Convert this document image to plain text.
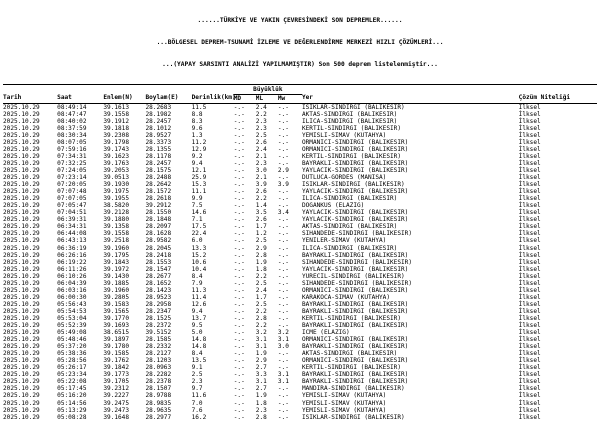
......TÜRKİYE VE YAKIN ÇEVRESİNDEKİ SON DEPREMLER......

...BÖLGESEL DEPREM-TSUNAMİ İZLEME VE DEĞERLENDİRME MERKEZİ HIZLI ÇÖZÜMLERİ...

...(YAPAY SARSINTI ANALİZİ YAPILMAMIŞTIR) Son 500 deprem listelenmiştir...

					Büyüklük				
Tarih	Saat	Enlem(N)	Boylam(E)	Derinlik(km)	MD	ML	Mw	Yer	Çözüm Niteliği

2025.10.29	08:49:14	39.1613	28.2683	11.5	-.-	2.4	-.-	ISIKLAR-SINDIRGI (BALIKESIR)	İlksel
2025.10.29	08:47:47	39.1558	28.1982	8.8	-.-	2.2	-.-	AKTAS-SINDIRGI (BALIKESIR)	İlksel
2025.10.29	08:40:02	39.1912	28.2457	8.3	-.-	2.3	-.-	ILICA-SINDIRGI (BALIKESIR)	İlksel
2025.10.29	08:37:59	39.1818	28.1012	9.6	-.-	2.3	-.-	KERTIL-SINDIRGI (BALIKESIR)	İlksel
2025.10.29	08:30:34	39.2308	28.9527	1.3	-.-	2.5	-.-	YEMISLI-SIMAV (KUTAHYA)	İlksel
2025.10.29	08:07:05	39.1798	28.3373	11.2	-.-	2.6	-.-	ORMANICI-SINDIRGI (BALIKESIR)	İlksel
2025.10.29	07:59:16	39.1743	28.1355	12.9	-.-	2.4	-.-	ORMANICI-SINDIRGI (BALIKESIR)	İlksel
2025.10.29	07:34:31	39.1623	28.1178	9.2	-.-	2.1	-.-	KERTIL-SINDIRGI (BALIKESIR)	İlksel
2025.10.29	07:32:25	39.1763	28.2457	9.4	-.-	2.3	-.-	BAYRAKLI-SINDIRGI (BALIKESIR)	İlksel
2025.10.29	07:24:05	39.2053	28.1575	12.1	-.-	3.0	2.9	YAYLACIK-SINDIRGI (BALIKESIR)	İlksel
2025.10.29	07:23:14	39.0513	28.2488	25.9	-.-	2.1	-.-	DUTLUCA-GORDES (MANISA)	İlksel
2025.10.29	07:20:05	39.1930	28.2642	15.3	-.-	3.9	3.9	ISIKLAR-SINDIRGI (BALIKESIR)	İlksel
2025.10.29	07:07:48	39.1975	28.1572	11.1	-.-	2.6	-.-	YAYLACIK-SINDIRGI (BALIKESIR)	İlksel
2025.10.29	07:07:05	39.1955	28.2618	9.9	-.-	2.2	-.-	ILICA-SINDIRGI (BALIKESIR)	İlksel
2025.10.29	07:05:47	38.5820	39.2912	7.5	-.-	1.4	-.-	DOGANKUS (ELAZIG)	İlksel
2025.10.29	07:04:51	39.2128	28.1550	14.6	-.-	3.5	3.4	YAYLACIK-SINDIRGI (BALIKESIR)	İlksel
2025.10.29	06:39:31	39.1880	28.1848	7.1	-.-	2.6	-.-	YAYLACIK-SINDIRGI (BALIKESIR)	İlksel
2025.10.29	06:34:31	39.1358	28.2097	17.5	-.-	1.7	-.-	AKTAS-SINDIRGI (BALIKESIR)	İlksel
2025.10.29	06:44:08	39.1558	28.1628	22.4	-.-	1.2	-.-	SIHANDEDE-SINDIRGI (BALIKESIR)	İlksel
2025.10.29	06:43:13	39.2518	28.9582	6.0	-.-	2.5	-.-	YENILER-SIMAV (KUTAHYA)	İlksel
2025.10.29	06:36:19	39.1960	28.2045	13.3	-.-	2.9	-.-	ILICA-SINDIRGI (BALIKESIR)	İlksel
2025.10.29	06:26:16	39.1795	28.2418	15.2	-.-	2.8	-.-	BAYRAKLI-SINDIRGI (BALIKESIR)	İlksel
2025.10.29	06:19:22	39.1843	28.1553	10.6	-.-	1.9	-.-	SIHANDEDE-SINDIRGI (BALIKESIR)	İlksel
2025.10.29	06:11:26	39.1972	28.1547	10.4	-.-	1.8	-.-	YAYLACIK-SINDIRGI (BALIKESIR)	İlksel
2025.10.29	06:10:26	39.1430	28.2677	8.4	-.-	2.2	-.-	YURECIL-SINDIRGI (BALIKESIR)	İlksel
2025.10.29	06:04:39	39.1885	28.1652	7.9	-.-	2.5	-.-	SIHANDEDE-SINDIRGI (BALIKESIR)	İlksel
2025.10.29	06:03:16	39.1960	28.1423	11.3	-.-	2.4	-.-	ORMANICI-SINDIRGI (BALIKESIR)	İlksel
2025.10.29	06:00:30	39.2805	28.9523	11.4	-.-	1.7	-.-	KARAKOCA-SIMAV (KUTAHYA)	İlksel
2025.10.29	05:56:43	39.1583	28.2958	12.6	-.-	2.5	-.-	BAYRAKLI-SINDIRGI (BALIKESIR)	İlksel
2025.10.29	05:54:53	39.1565	28.2347	9.4	-.-	2.2	-.-	BAYRAKLI-SINDIRGI (BALIKESIR)	İlksel
2025.10.29	05:53:04	39.1770	28.1525	13.7	-.-	2.8	-.-	KERTIL-SINDIRGI (BALIKESIR)	İlksel
2025.10.29	05:52:39	39.1693	28.2372	9.5	-.-	2.2	-.-	BAYRAKLI-SINDIRGI (BALIKESIR)	İlksel
2025.10.29	05:49:08	38.6515	39.5152	5.0	-.-	3.2	3.2	ICME (ELAZIG)	İlksel
2025.10.29	05:48:46	39.1897	28.1585	14.8	-.-	3.1	3.1	ORMANICI-SINDIRGI (BALIKESIR)	İlksel
2025.10.29	05:37:20	39.1780	28.2332	14.8	-.-	3.1	3.0	BAYRAKLI-SINDIRGI (BALIKESIR)	İlksel
2025.10.29	05:38:36	39.1585	28.2127	8.4	-.-	1.9	-.-	AKTAS-SINDIRGI (BALIKESIR)	İlksel
2025.10.29	05:28:56	39.1762	28.1203	13.5	-.-	2.9	-.-	ORMANICI-SINDIRGI (BALIKESIR)	İlksel
2025.10.29	05:26:17	39.1842	28.0963	9.1	-.-	2.7	-.-	KERTIL-SINDIRGI (BALIKESIR)	İlksel
2025.10.29	05:23:34	39.1773	28.2282	2.5	-.-	3.3	3.1	BAYRAKLI-SINDIRGI (BALIKESIR)	İlksel
2025.10.29	05:22:08	39.1705	28.2378	2.3	-.-	3.1	3.1	BAYRAKLI-SINDIRGI (BALIKESIR)	İlksel
2025.10.29	05:17:45	39.2312	28.1507	9.7	-.-	2.7	-.-	MANDIRA-SINDIRGI (BALIKESIR)	İlksel
2025.10.29	05:16:20	39.2227	28.9788	11.6	-.-	1.9	-.-	YEMISLI-SIMAV (KUTAHYA)	İlksel
2025.10.29	05:14:56	39.2475	28.9835	7.0	-.-	1.8	-.-	YEMISLI-SIMAV (KUTAHYA)	İlksel
2025.10.29	05:13:29	39.2473	28.9635	7.6	-.-	2.3	-.-	YEMISLI-SIMAV (KUTAHYA)	İlksel
2025.10.29	05:08:28	39.1648	28.2977	16.2	-.-	2.8	-.-	ISIKLAR-SINDIRGI (BALIKESIR)	İlksel
